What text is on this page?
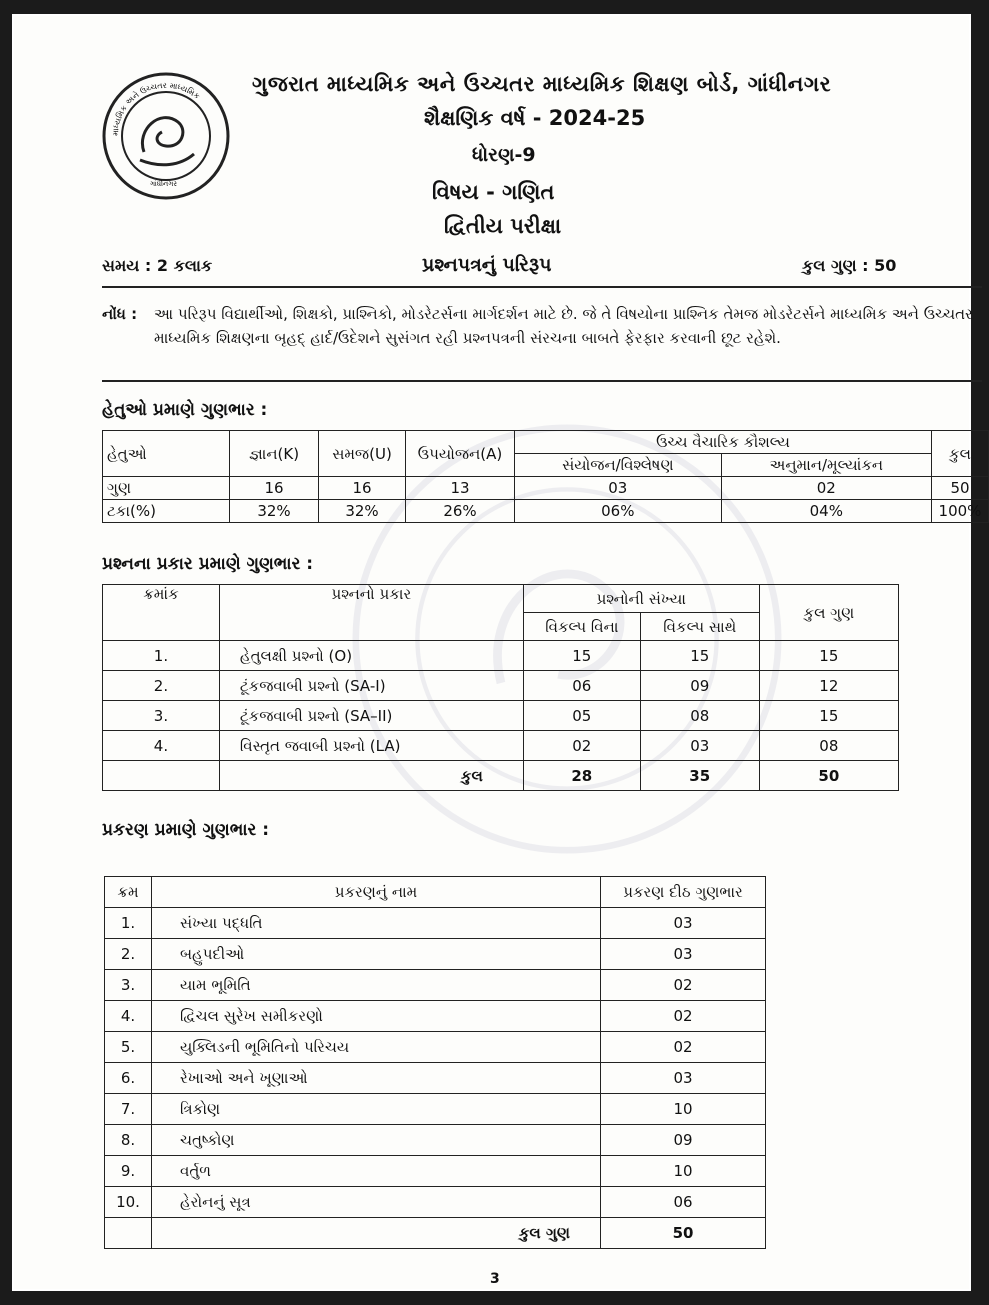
માધ્યમિક અને ઉચ્ચતર માધ્યમિક
ગાંધીનગર
ગુજરાત માધ્યમિક અને ઉચ્ચતર માધ્યમિક શિક્ષણ બોર્ડ, ગાંધીનગર
શૈક્ષણિક વર્ષ - 2024-25
ધોરણ-9
વિષય - ગણિત
દ્વિતીય પરીક્ષા
સમય : 2 કલાક	પ્રશ્નપત્રનું પરિરૂપ	કુલ ગુણ : 50
નોંધ : આ પરિરૂપ વિદ્યાર્થીઓ, શિક્ષકો, પ્રાશ્નિકો, મોડરેટર્સના માર્ગદર્શન માટે છે. જે તે વિષયોના પ્રાશ્નિક તેમજ મોડરેટર્સને માધ્યમિક અને ઉચ્ચતર માધ્યમિક શિક્ષણના બૃહદ્ હાર્દ/ઉદેશને સુસંગત રહી પ્રશ્નપત્રની સંરચના બાબતે ફેરફાર કરવાની છૂટ રહેશે.
હેતુઓ પ્રમાણે ગુણભાર :
હેતુઓ	જ્ઞાન(K)	સમજ(U)	ઉપયોજન(A)	ઉચ્ચ વૈચારિક કૌશલ્ય		કુલ
				સંયોજન/વિશ્લેષણ	અનુમાન/મૂલ્યાંકન	
ગુણ	16	16	13	03	02	50
ટકા(%)	32%	32%	26%	06%	04%	100%
પ્રશ્નના પ્રકાર પ્રમાણે ગુણભાર :
ક્રમાંક	પ્રશ્નનો પ્રકાર	પ્રશ્નોની સંખ્યા		કુલ ગુણ
		વિકલ્પ વિના	વિકલ્પ સાથે	
1.	હેતુલક્ષી પ્રશ્નો (O)	15	15	15
2.	ટૂંકજવાબી પ્રશ્નો (SA-I)	06	09	12
3.	ટૂંકજવાબી પ્રશ્નો (SA–II)	05	08	15
4.	વિસ્તૃત જવાબી પ્રશ્નો (LA)	02	03	08
	કુલ	28	35	50
પ્રકરણ પ્રમાણે ગુણભાર :
ક્રમ	પ્રકરણનું નામ	પ્રકરણ દીઠ ગુણભાર
1.	સંખ્યા પદ્ધતિ	03
2.	બહુપદીઓ	03
3.	યામ ભૂમિતિ	02
4.	દ્વિચલ સુરેખ સમીકરણો	02
5.	યુક્લિડની ભૂમિતિનો પરિચય	02
6.	રેખાઓ અને ખૂણાઓ	03
7.	ત્રિકોણ	10
8.	ચતુષ્કોણ	09
9.	વર્તુળ	10
10.	હેરોનનું સૂત્ર	06
	કુલ ગુણ	50
3
